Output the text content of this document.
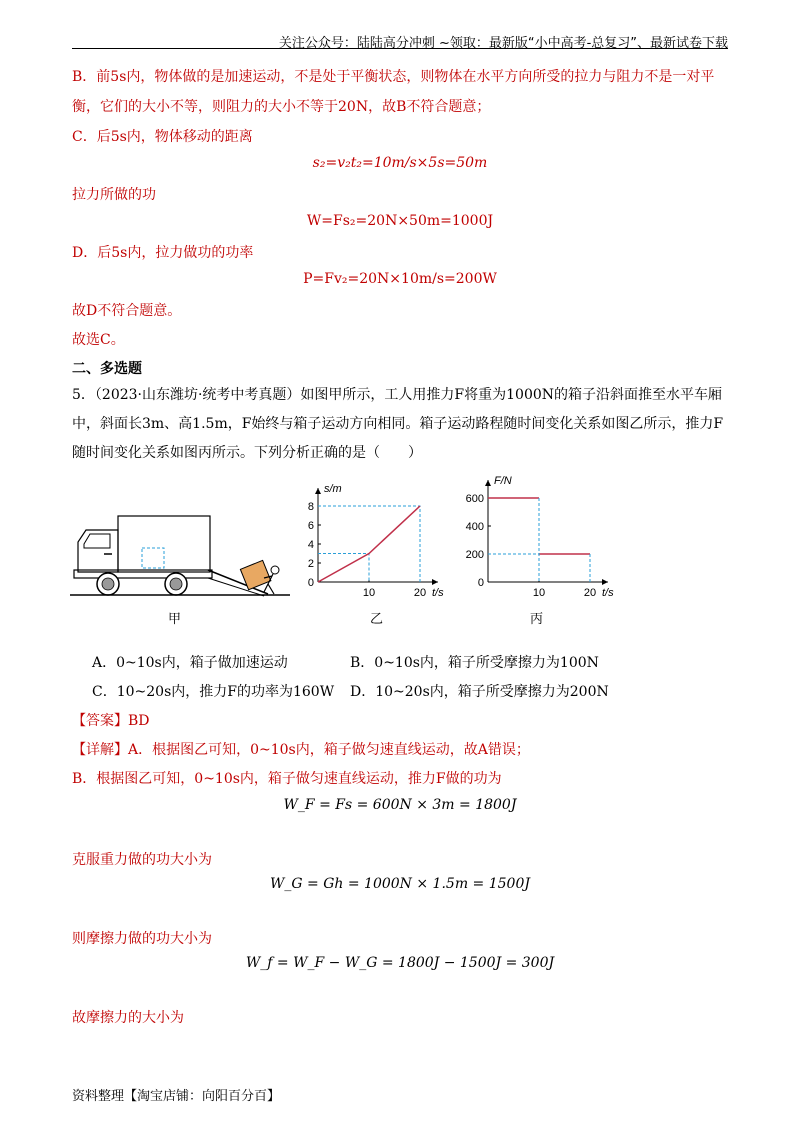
关注公众号：陆陆高分冲刺 ~领取：最新版“小中高考-总复习”、最新试卷下载
B．前5s内，物体做的是加速运动，不是处于平衡状态，则物体在水平方向所受的拉力与阻力不是一对平
衡，它们的大小不等，则阻力的大小不等于20N，故B不符合题意；
C．后5s内，物体移动的距离
s₂=v₂t₂=10m/s×5s=50m
拉力所做的功
W=Fs₂=20N×50m=1000J
D．后5s内，拉力做功的功率
P=Fv₂=20N×10m/s=200W
故D不符合题意。
故选C。
二、多选题
5．（2023·山东潍坊·统考中考真题）如图甲所示，工人用推力F将重为1000N的箱子沿斜面推至水平车厢
中，斜面长3m、高1.5m，F始终与箱子运动方向相同。箱子运动路程随时间变化关系如图乙所示，推力F
随时间变化关系如图丙所示。下列分析正确的是（　　）
甲
s/m
t/s
8
6
4
2
0
10	20
乙
F/N
t/s
600
400
200
0
10	20
丙
A．0~10s内，箱子做加速运动	B．0~10s内，箱子所受摩擦力为100N
C．10~20s内，推力F的功率为160W D．10~20s内，箱子所受摩擦力为200N
【答案】BD
【详解】A．根据图乙可知，0~10s内，箱子做匀速直线运动，故A错误；
B．根据图乙可知，0~10s内，箱子做匀速直线运动，推力F做的功为
W_F = Fs = 600N × 3m = 1800J
克服重力做的功大小为
W_G = Gh = 1000N × 1.5m = 1500J
则摩擦力做的功大小为
W_f = W_F − W_G = 1800J − 1500J = 300J
故摩擦力的大小为
资料整理【淘宝店铺：向阳百分百】
